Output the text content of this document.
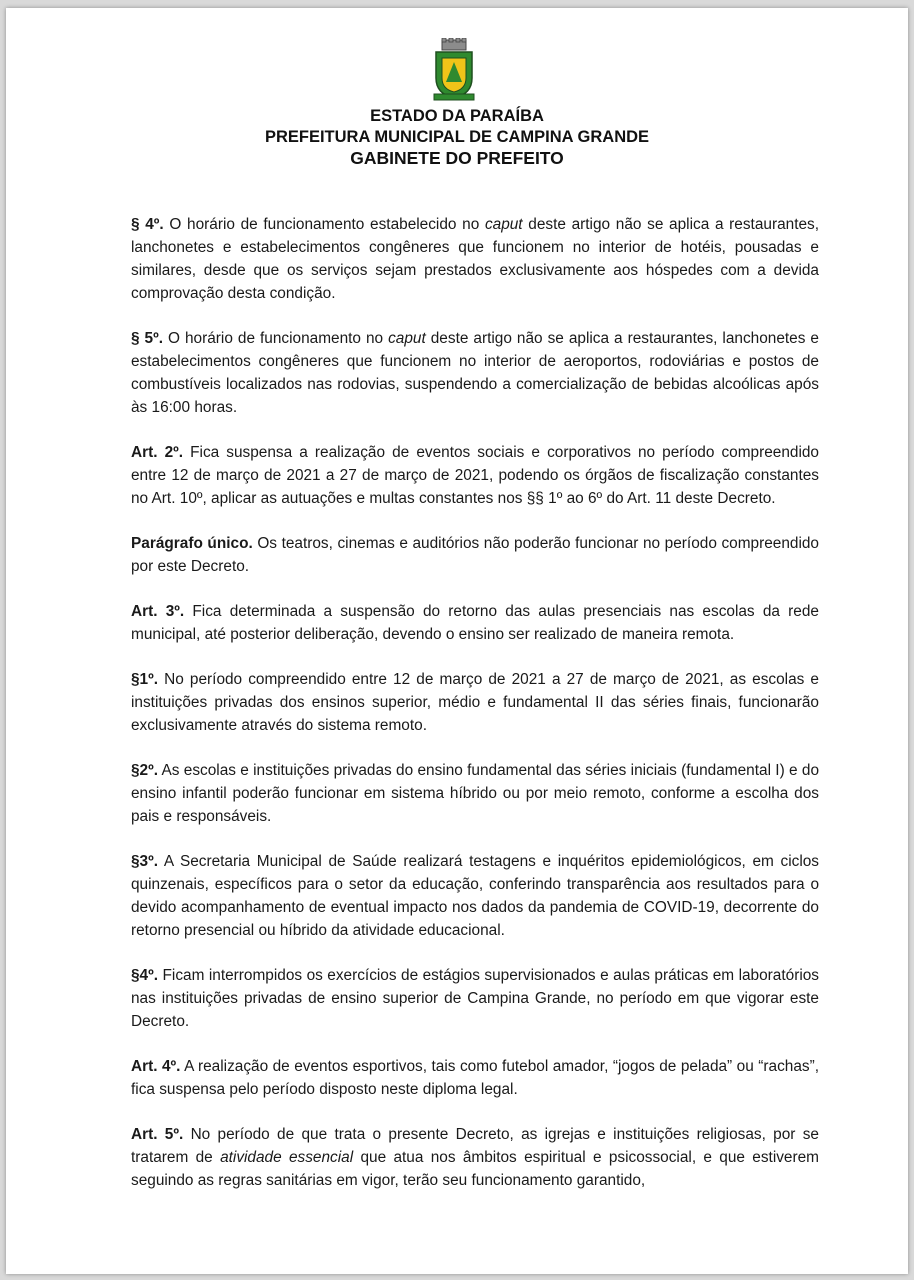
ESTADO DA PARAÍBA
PREFEITURA MUNICIPAL DE CAMPINA GRANDE
GABINETE DO PREFEITO

§ 4º. O horário de funcionamento estabelecido no caput deste artigo não se aplica a restaurantes, lanchonetes e estabelecimentos congêneres que funcionem no interior de hotéis, pousadas e similares, desde que os serviços sejam prestados exclusivamente aos hóspedes com a devida comprovação desta condição.

§ 5º. O horário de funcionamento no caput deste artigo não se aplica a restaurantes, lanchonetes e estabelecimentos congêneres que funcionem no interior de aeroportos, rodoviárias e postos de combustíveis localizados nas rodovias, suspendendo a comercialização de bebidas alcoólicas após às 16:00 horas.

Art. 2º. Fica suspensa a realização de eventos sociais e corporativos no período compreendido entre 12 de março de 2021 a 27 de março de 2021, podendo os órgãos de fiscalização constantes no Art. 10º, aplicar as autuações e multas constantes nos §§ 1º ao 6º do Art. 11 deste Decreto.

Parágrafo único. Os teatros, cinemas e auditórios não poderão funcionar no período compreendido por este Decreto.

Art. 3º. Fica determinada a suspensão do retorno das aulas presenciais nas escolas da rede municipal, até posterior deliberação, devendo o ensino ser realizado de maneira remota.

§1º. No período compreendido entre 12 de março de 2021 a 27 de março de 2021, as escolas e instituições privadas dos ensinos superior, médio e fundamental II das séries finais, funcionarão exclusivamente através do sistema remoto.

§2º. As escolas e instituições privadas do ensino fundamental das séries iniciais (fundamental I) e do ensino infantil poderão funcionar em sistema híbrido ou por meio remoto, conforme a escolha dos pais e responsáveis.

§3º. A Secretaria Municipal de Saúde realizará testagens e inquéritos epidemiológicos, em ciclos quinzenais, específicos para o setor da educação, conferindo transparência aos resultados para o devido acompanhamento de eventual impacto nos dados da pandemia de COVID-19, decorrente do retorno presencial ou híbrido da atividade educacional.

§4º. Ficam interrompidos os exercícios de estágios supervisionados e aulas práticas em laboratórios nas instituições privadas de ensino superior de Campina Grande, no período em que vigorar este Decreto.

Art. 4º. A realização de eventos esportivos, tais como futebol amador, “jogos de pelada” ou “rachas”, fica suspensa pelo período disposto neste diploma legal.

Art. 5º. No período de que trata o presente Decreto, as igrejas e instituições religiosas, por se tratarem de atividade essencial que atua nos âmbitos espiritual e psicossocial, e que estiverem seguindo as regras sanitárias em vigor, terão seu funcionamento garantido,
